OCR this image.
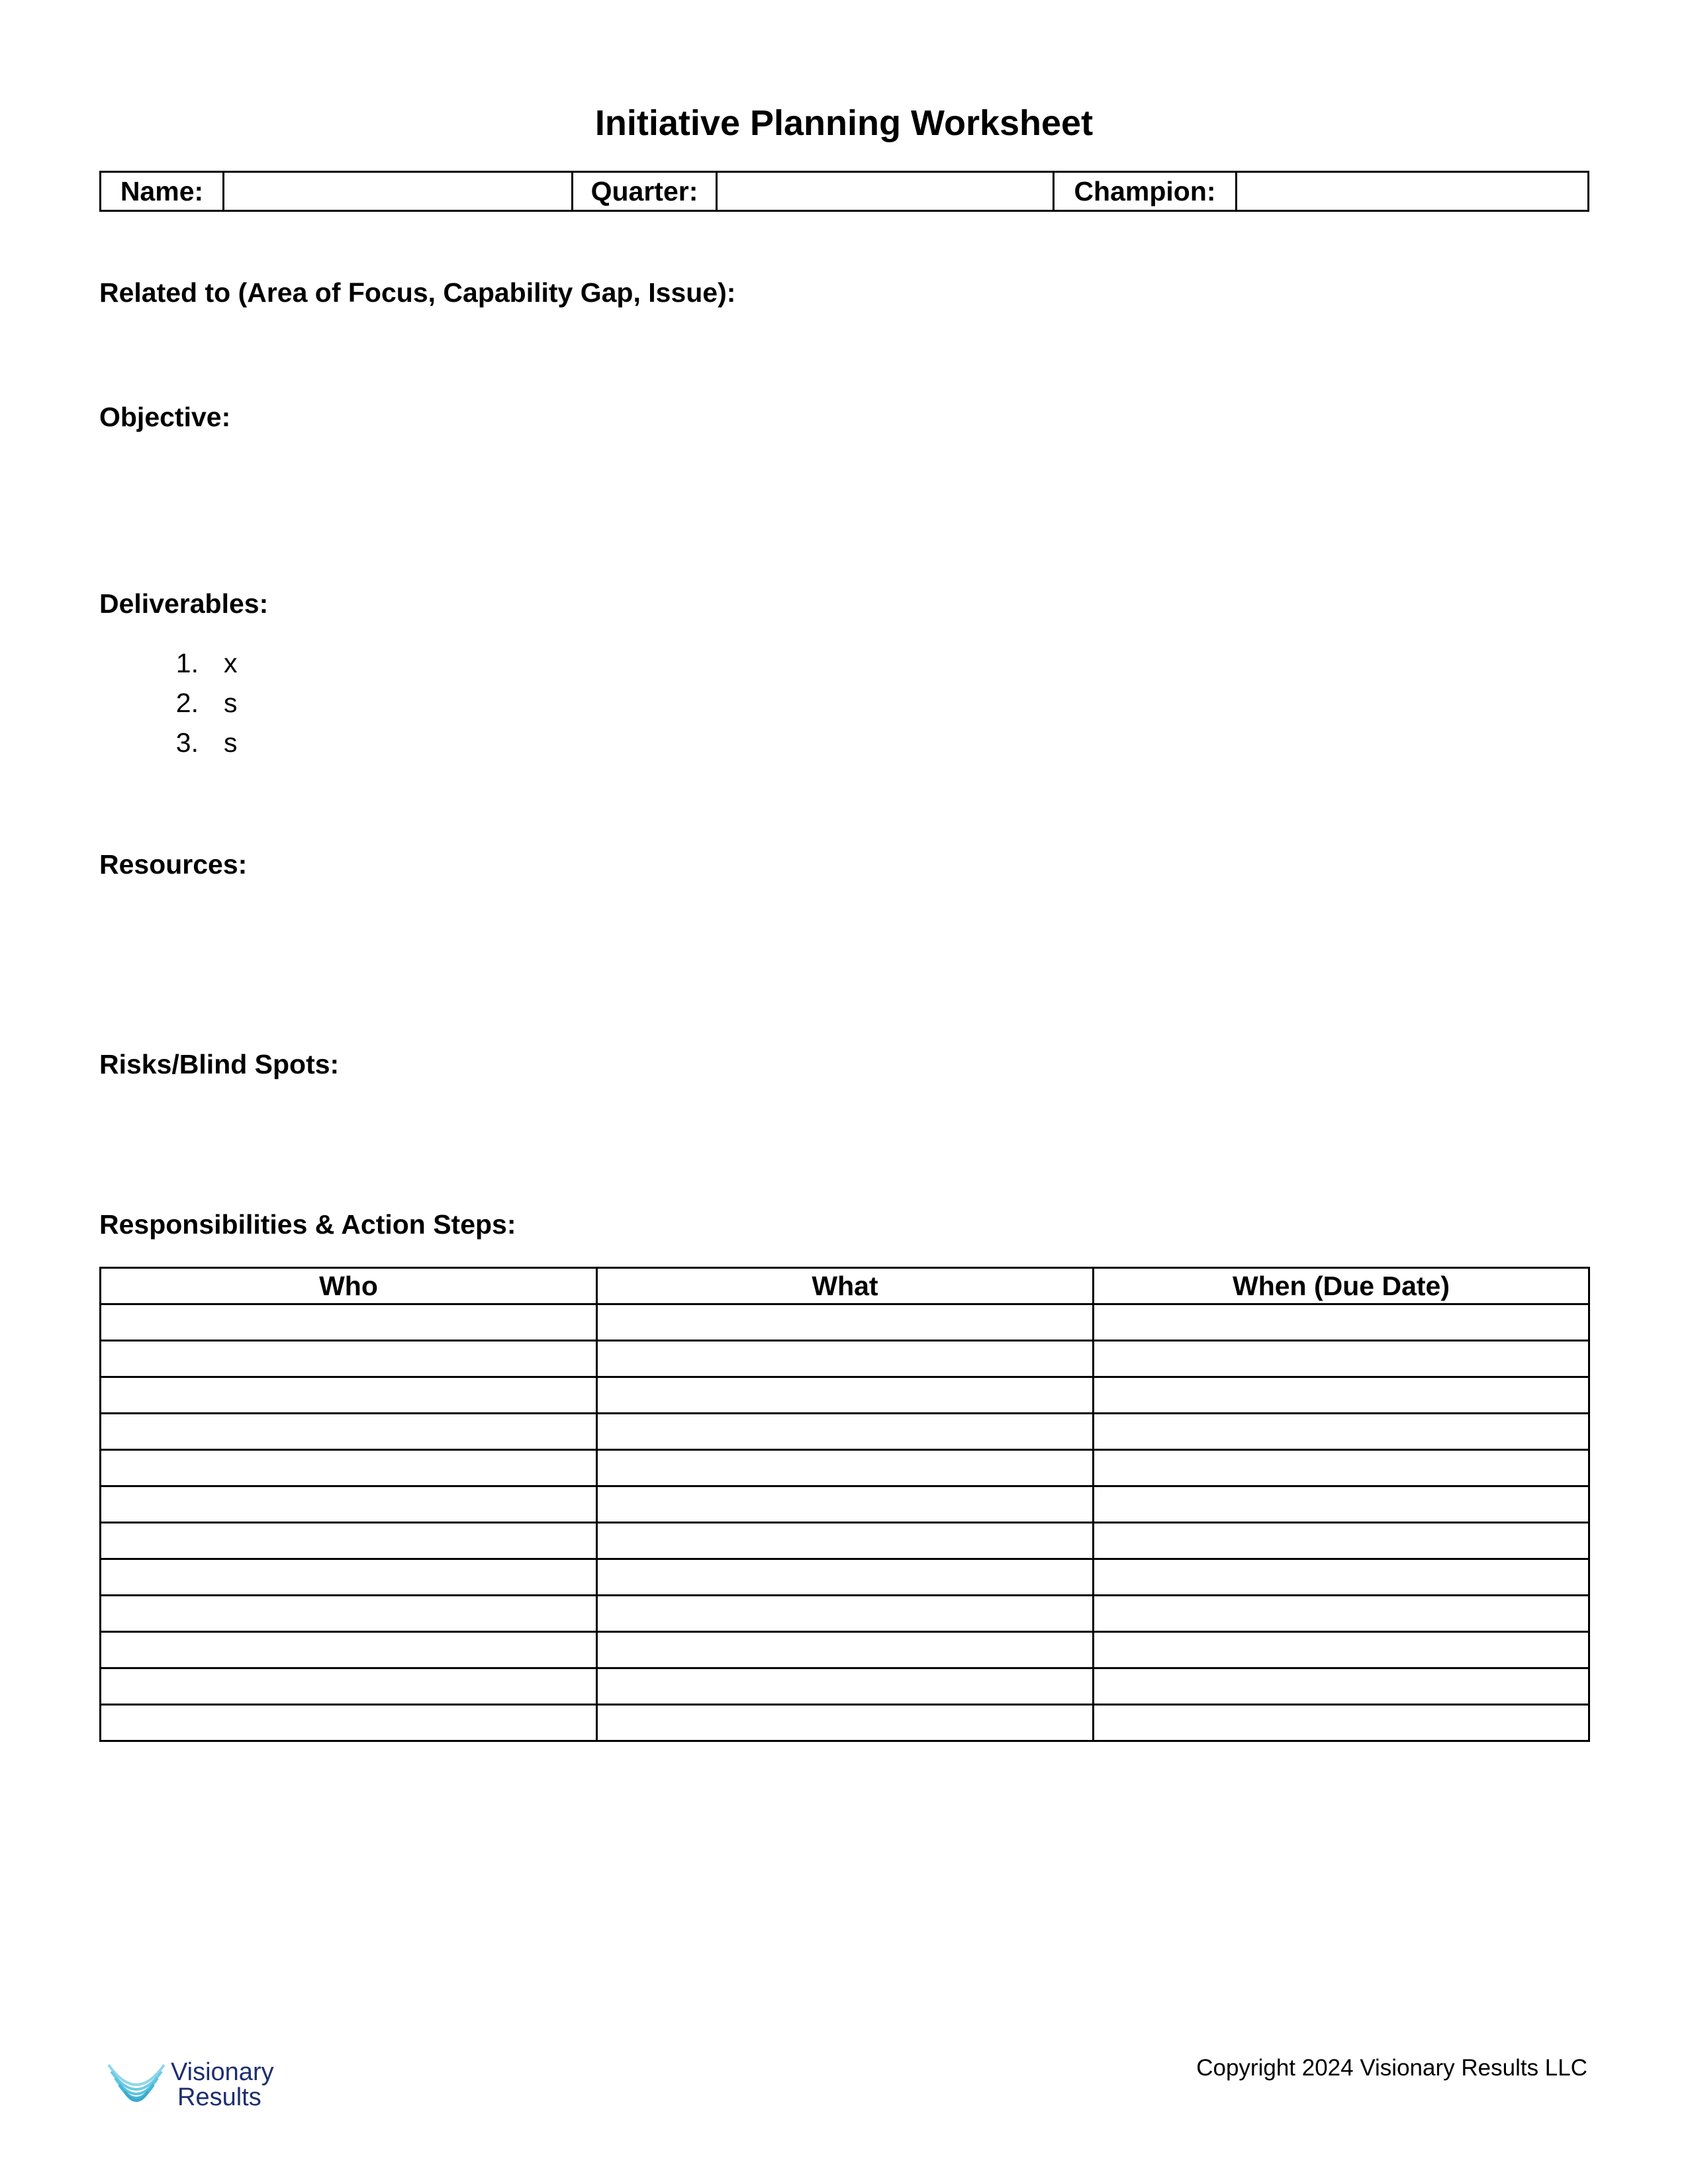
Initiative Planning Worksheet
Name:		Quarter:		Champion:	
Related to (Area of Focus, Capability Gap, Issue):
Objective:
Deliverables:
1. x
2. s
3. s
Resources:
Risks/Blind Spots:
Responsibilities & Action Steps:
Who	What	When (Due Date)

Visionary
Results
Copyright 2024 Visionary Results LLC
